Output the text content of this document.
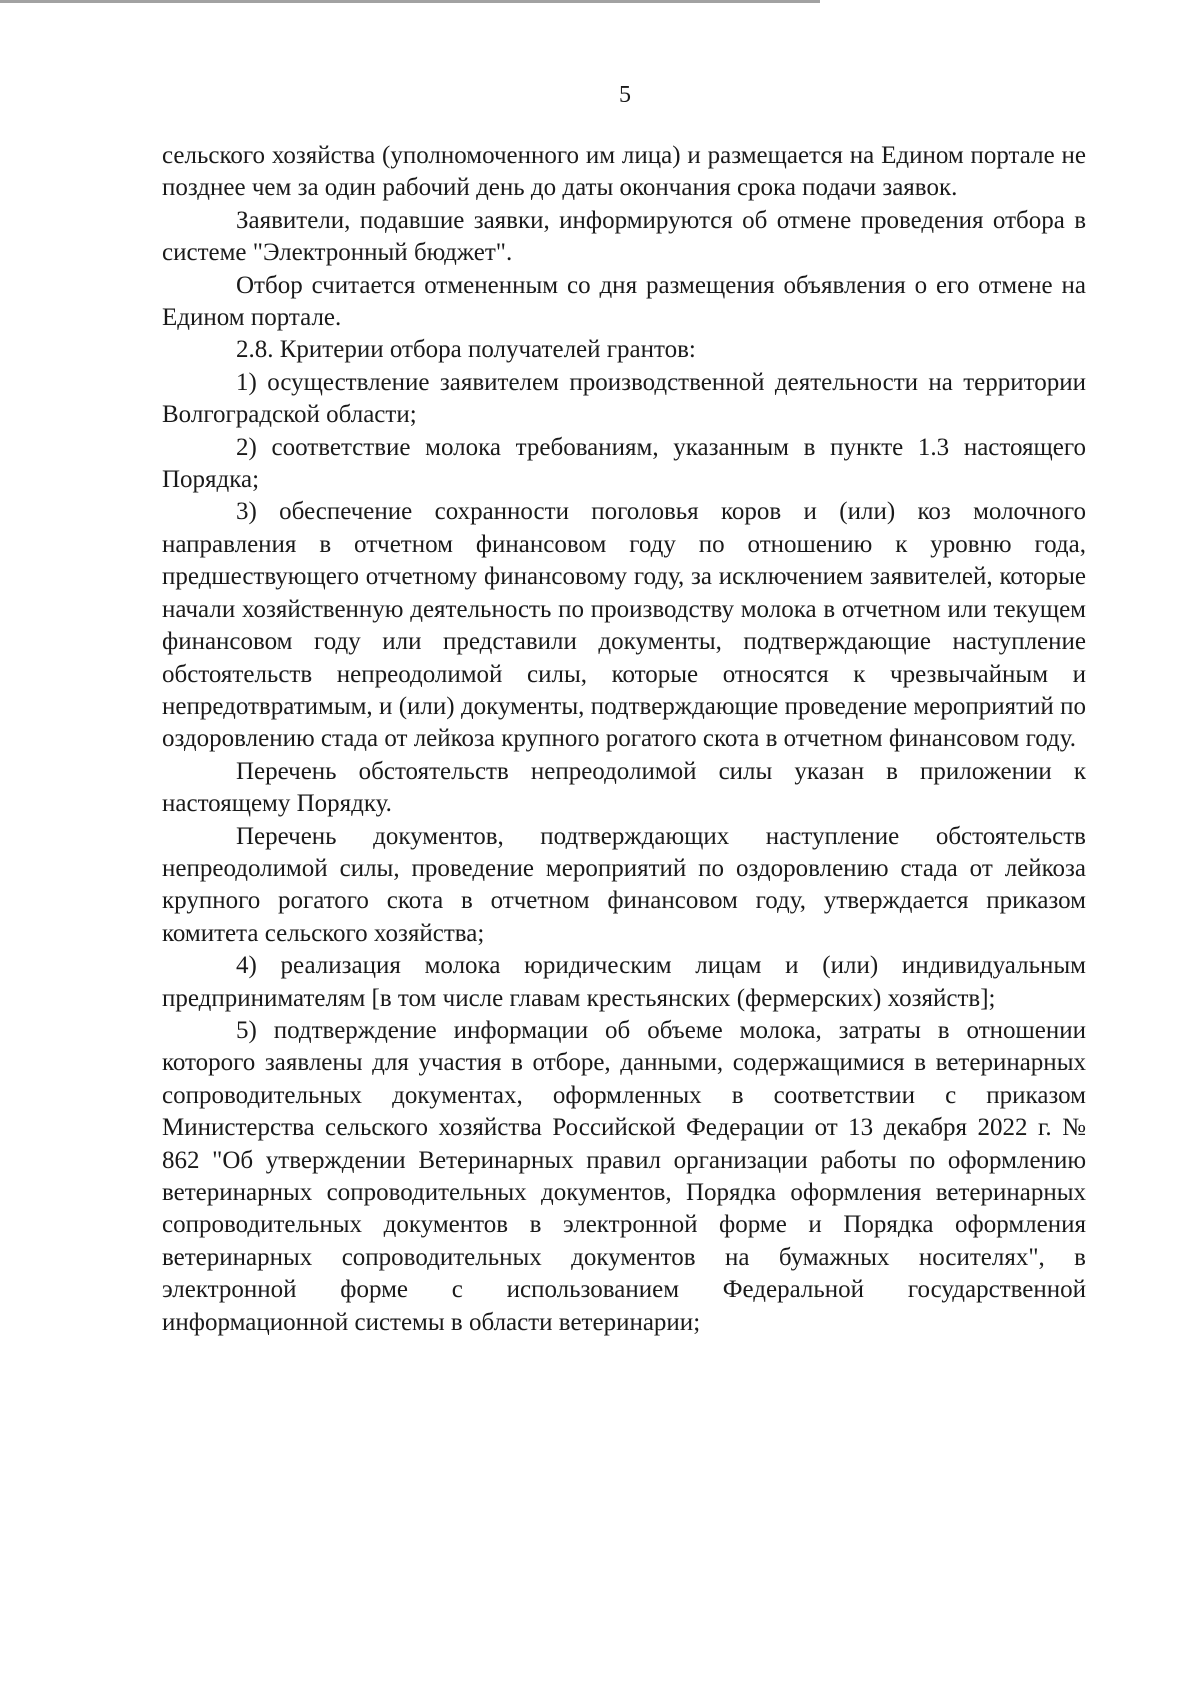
5

сельского хозяйства (уполномоченного им лица) и размещается на Едином портале не позднее чем за один рабочий день до даты окончания срока подачи заявок.

Заявители, подавшие заявки, информируются об отмене проведения отбора в системе "Электронный бюджет".

Отбор считается отмененным со дня размещения объявления о его отмене на Едином портале.

2.8. Критерии отбора получателей грантов:

1) осуществление заявителем производственной деятельности на территории Волгоградской области;

2) соответствие молока требованиям, указанным в пункте 1.3 настоящего Порядка;

3) обеспечение сохранности поголовья коров и (или) коз молочного направления в отчетном финансовом году по отношению к уровню года, предшествующего отчетному финансовому году, за исключением заявителей, которые начали хозяйственную деятельность по производству молока в отчетном или текущем финансовом году или представили документы, подтверждающие наступление обстоятельств непреодолимой силы, которые относятся к чрезвычайным и непредотвратимым, и (или) документы, подтверждающие проведение мероприятий по оздоровлению стада от лейкоза крупного рогатого скота в отчетном финансовом году.

Перечень обстоятельств непреодолимой силы указан в приложении к настоящему Порядку.

Перечень документов, подтверждающих наступление обстоятельств непреодолимой силы, проведение мероприятий по оздоровлению стада от лейкоза крупного рогатого скота в отчетном финансовом году, утверждается приказом комитета сельского хозяйства;

4) реализация молока юридическим лицам и (или) индивидуальным предпринимателям [в том числе главам крестьянских (фермерских) хозяйств];

5) подтверждение информации об объеме молока, затраты в отношении которого заявлены для участия в отборе, данными, содержащимися в ветеринарных сопроводительных документах, оформленных в соответствии с приказом Министерства сельского хозяйства Российской Федерации от 13 декабря 2022 г. № 862 "Об утверждении Ветеринарных правил организации работы по оформлению ветеринарных сопроводительных документов, Порядка оформления ветеринарных сопроводительных документов в электронной форме и Порядка оформления ветеринарных сопроводительных документов на бумажных носителях", в электронной форме с использованием Федеральной государственной информационной системы в области ветеринарии;
